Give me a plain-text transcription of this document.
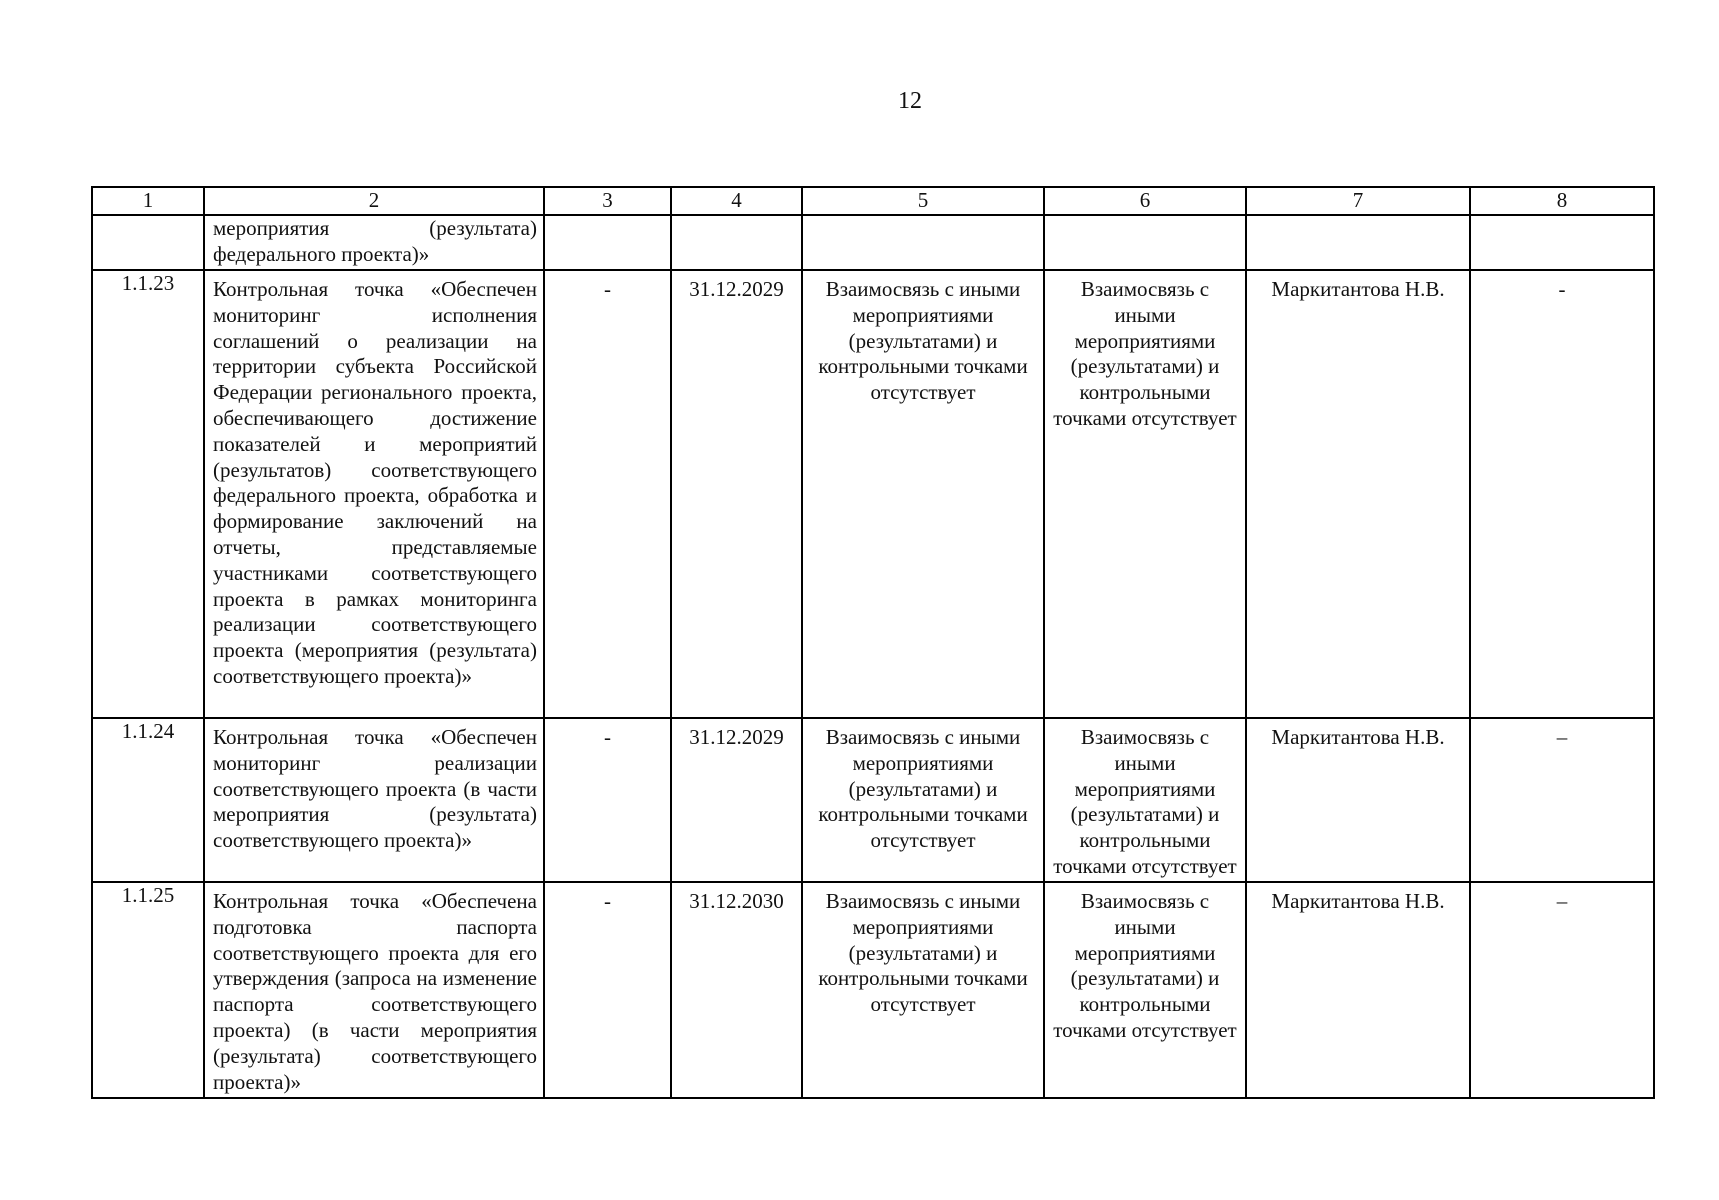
12
1	2	3	4	5	6	7	8
	мероприятия (результата) федерального проекта)»						
1.1.23	Контрольная точка «Обеспечен мониторинг исполнения соглашений о реализации на территории субъекта Российской Федерации регионального проекта, обеспечивающего достижение показателей и мероприятий (результатов) соответствующего федерального проекта, обработка и формирование заключений на отчеты, представляемые участниками соответствующего проекта в рамках мониторинга реализации соответствующего проекта (мероприятия (результата) соответствующего проекта)»	-	31.12.2029	Взаимосвязь с иными мероприятиями (результатами) и контрольными точками отсутствует	Взаимосвязь с иными мероприятиями (результатами) и контрольными точками отсутствует	Маркитантова Н.В.	-
1.1.24	Контрольная точка «Обеспечен мониторинг реализации соответствующего проекта (в части мероприятия (результата) соответствующего проекта)»	-	31.12.2029	Взаимосвязь с иными мероприятиями (результатами) и контрольными точками отсутствует	Взаимосвязь с иными мероприятиями (результатами) и контрольными точками отсутствует	Маркитантова Н.В.	–
1.1.25	Контрольная точка «Обеспечена подготовка паспорта соответствующего проекта для его утверждения (запроса на изменение паспорта соответствующего проекта) (в части мероприятия (результата) соответствующего проекта)»	-	31.12.2030	Взаимосвязь с иными мероприятиями (результатами) и контрольными точками отсутствует	Взаимосвязь с иными мероприятиями (результатами) и контрольными точками отсутствует	Маркитантова Н.В.	–
